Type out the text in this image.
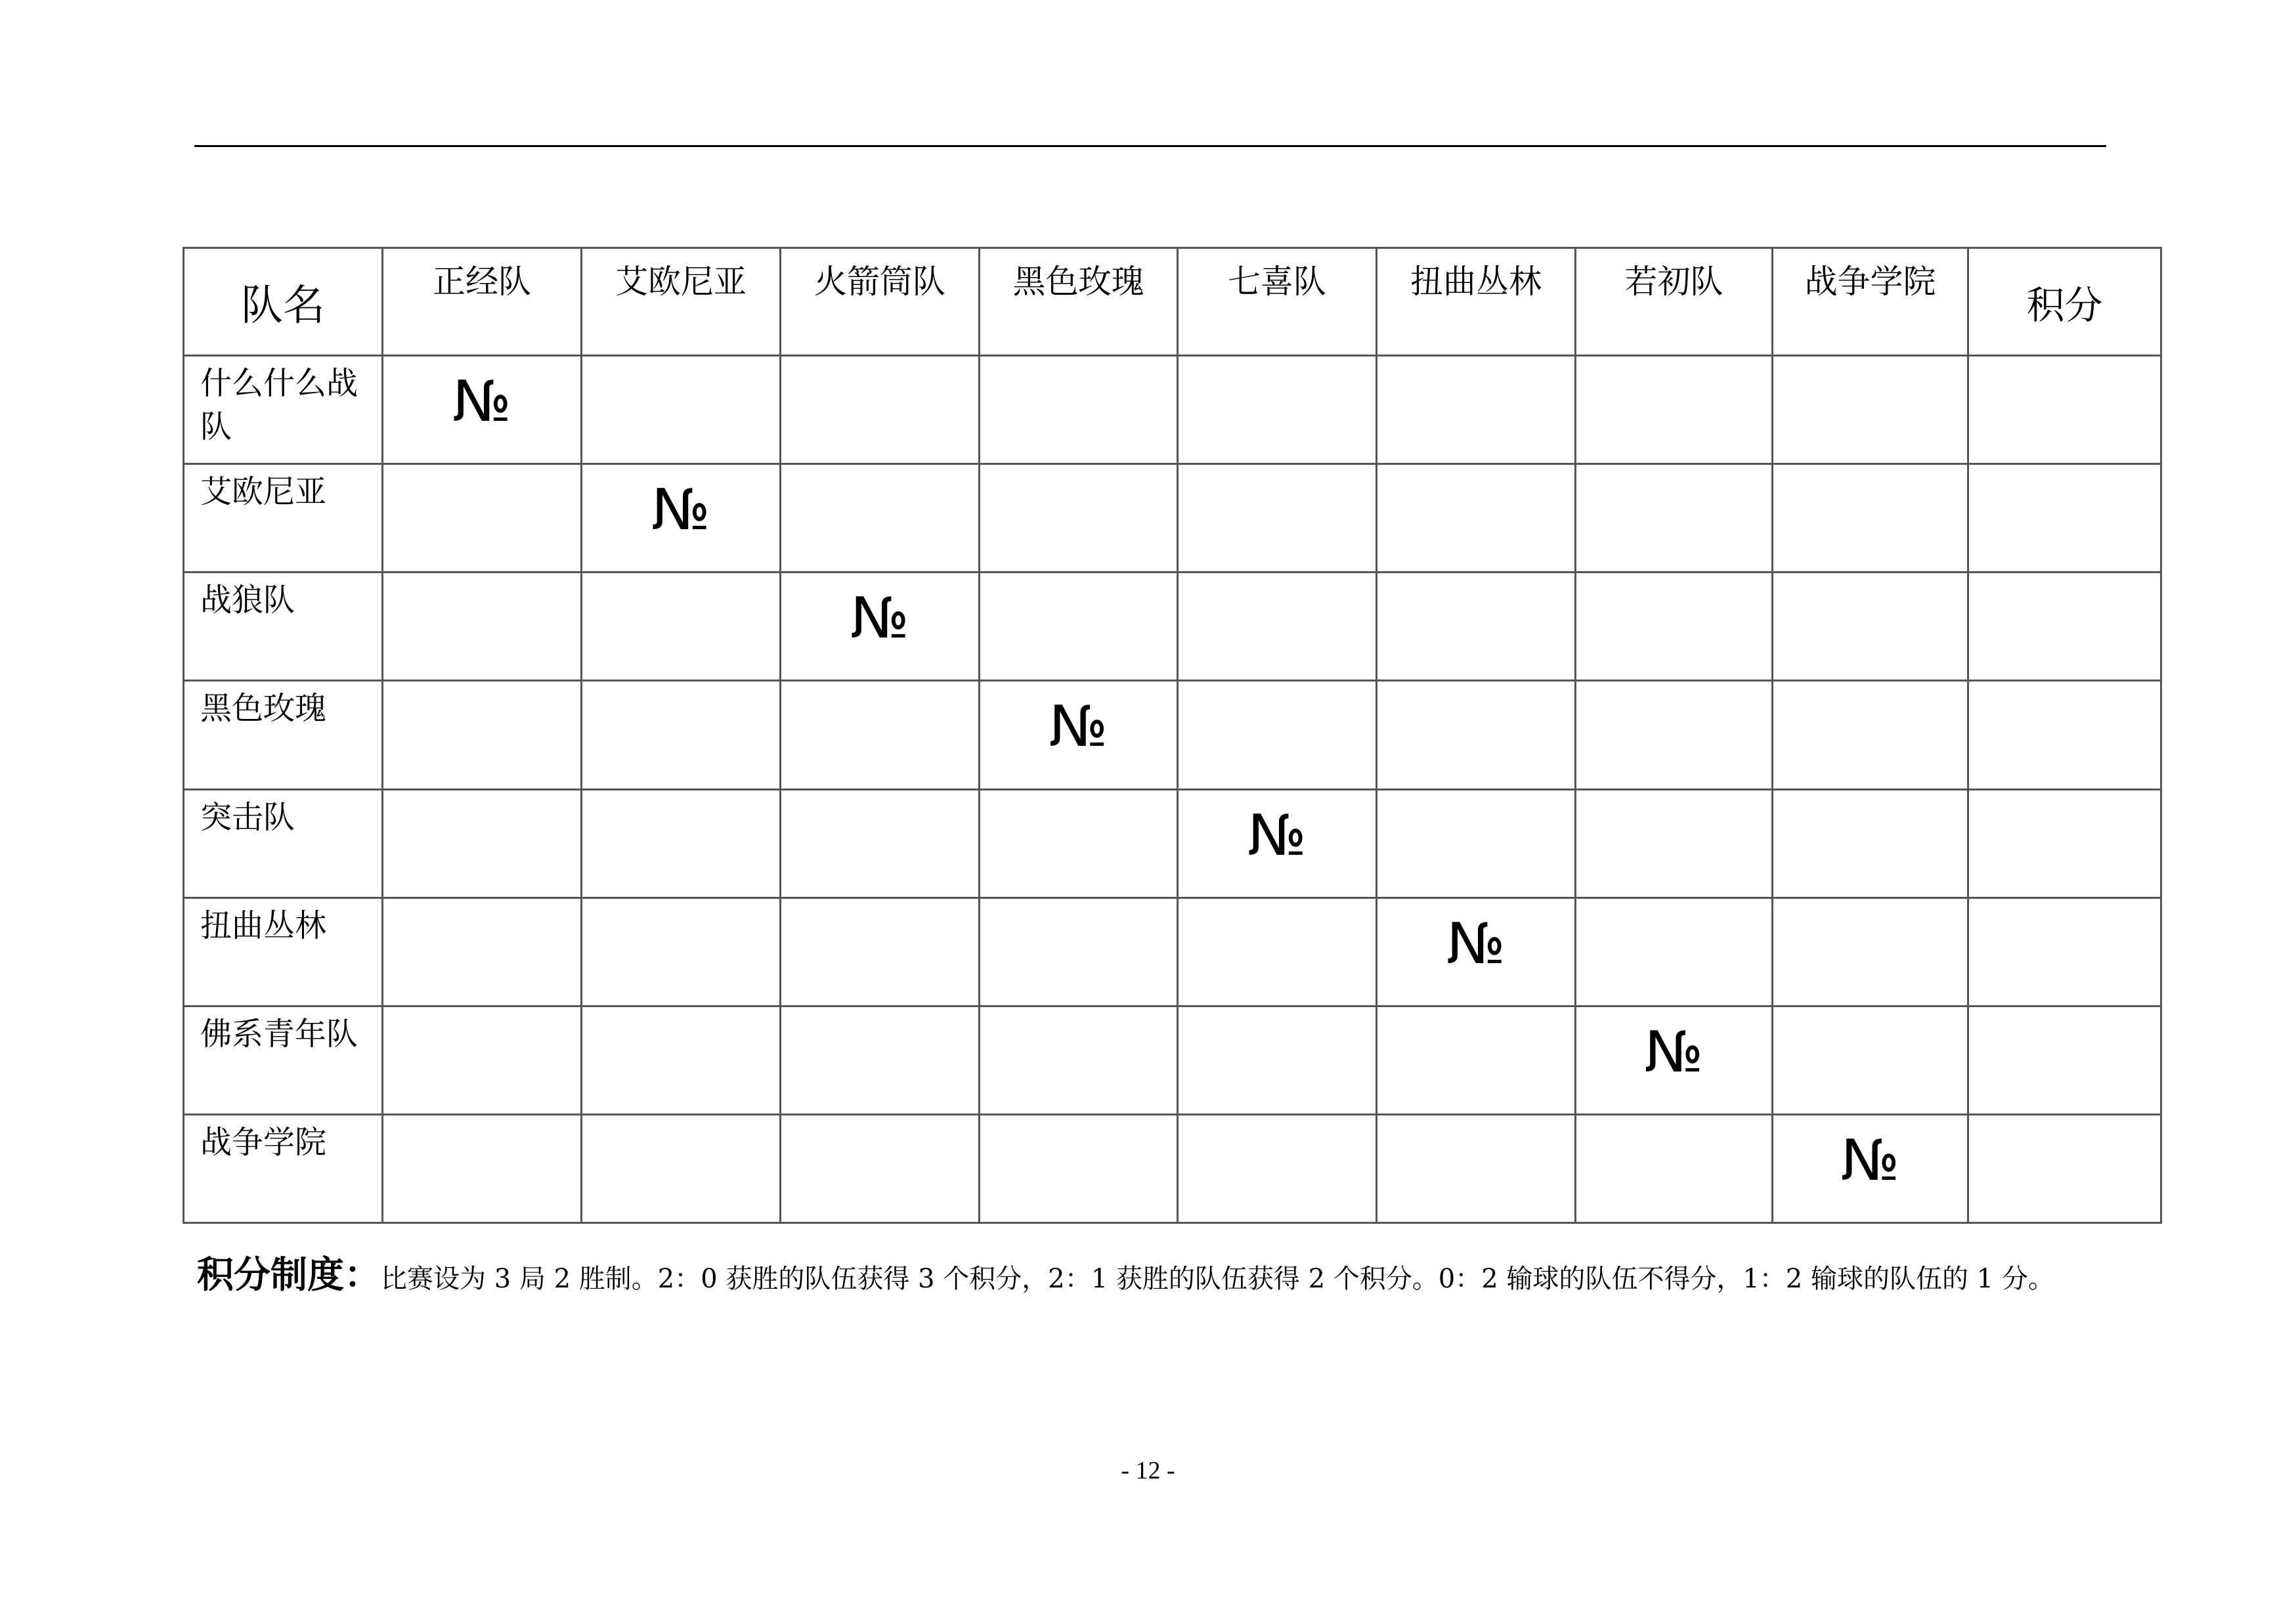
队名	正经队	艾欧尼亚	火箭筒队	黑色玫瑰	七喜队	扭曲丛林	若初队	战争学院	积分
什么什么战队	№								
艾欧尼亚		№							
战狼队			№						
黑色玫瑰				№					
突击队					№				
扭曲丛林						№			
佛系青年队							№		
战争学院								№	
积分制度：比赛设为 3 局 2 胜制。2：0 获胜的队伍获得 3 个积分，2：1 获胜的队伍获得 2 个积分。0：2 输球的队伍不得分，1：2 输球的队伍的 1 分。
- 12 -
